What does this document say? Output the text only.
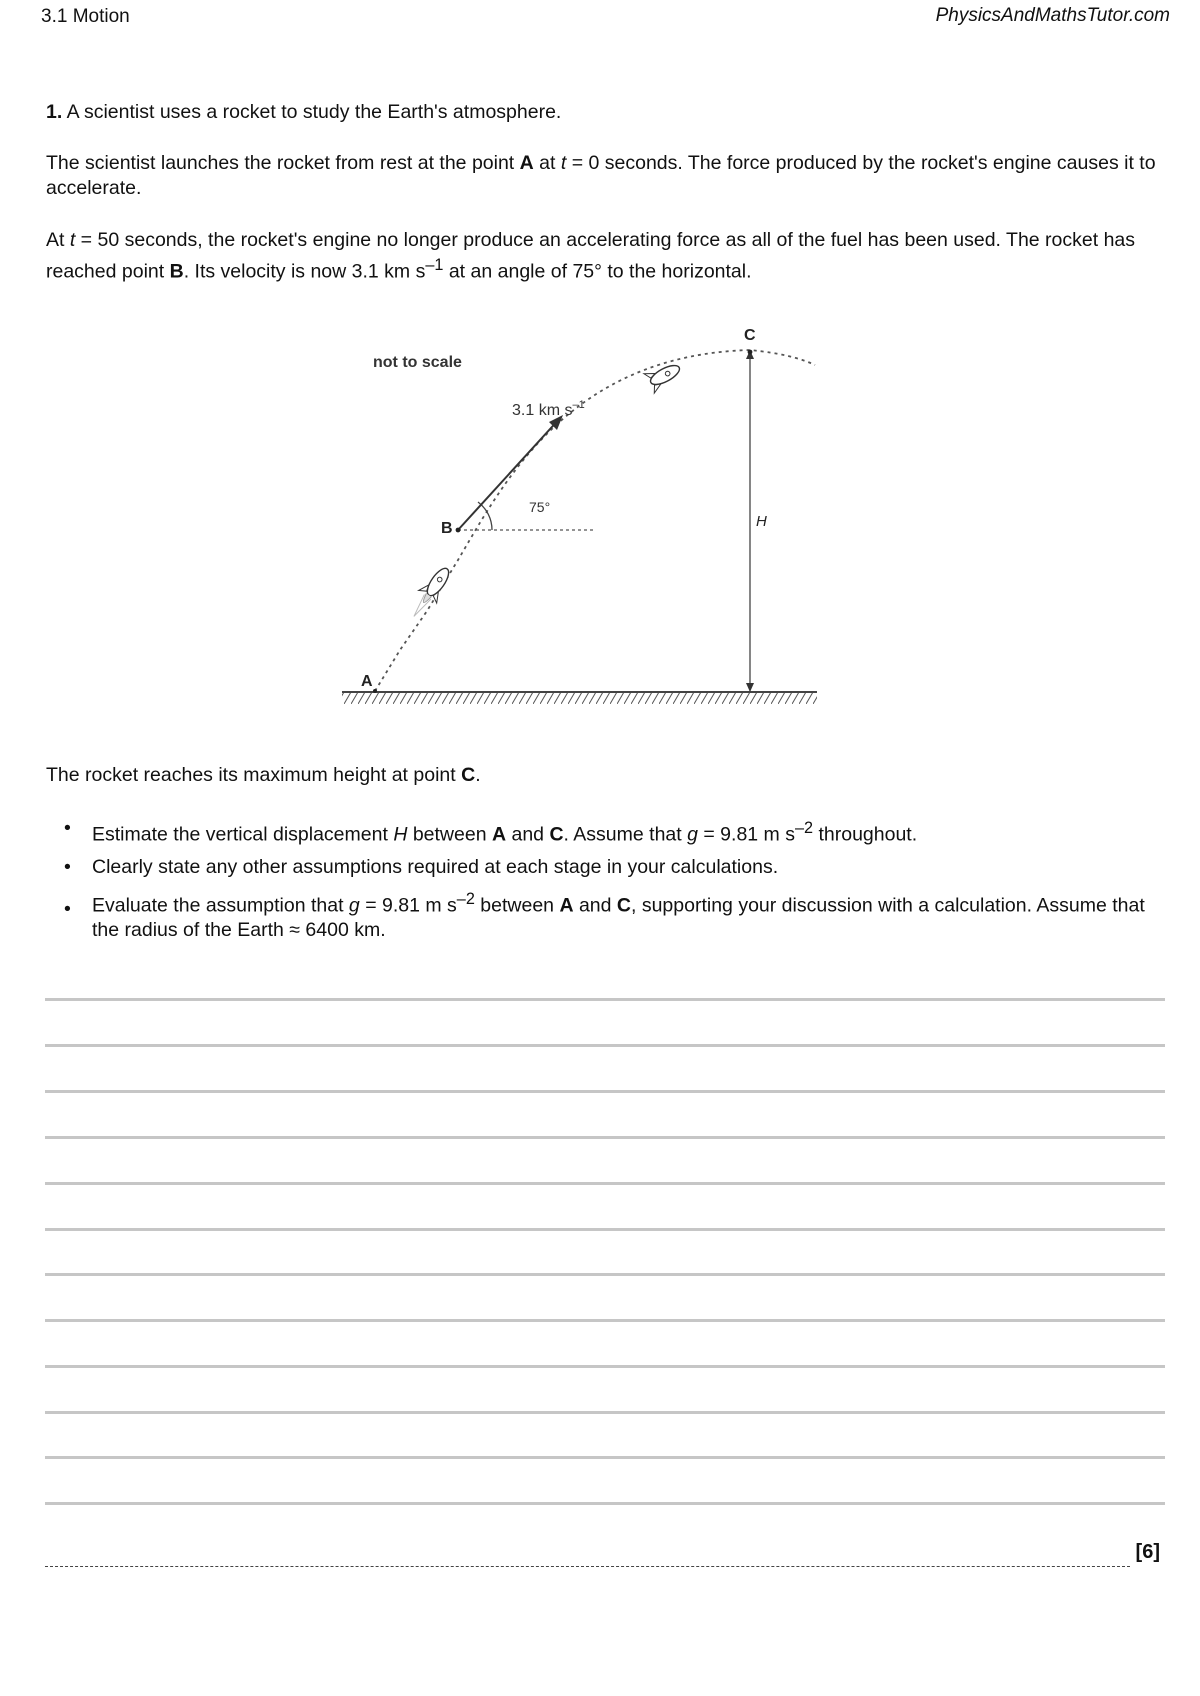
3.1 Motion	PhysicsAndMathsTutor.com

1. A scientist uses a rocket to study the Earth's atmosphere.

The scientist launches the rocket from rest at the point A at t = 0 seconds. The force produced by the rocket's engine causes it to accelerate.

At t = 50 seconds, the rocket's engine no longer produce an accelerating force as all of the fuel has been used. The rocket has reached point B. Its velocity is now 3.1 km $s^{-1}$ at an angle of 75° to the horizontal.

not to scale
3.1 km $s^{-1}$
75°
A
B
C
H

The rocket reaches its maximum height at point C.

• Estimate the vertical displacement H between A and C. Assume that g = 9.81 m $s^{-2}$ throughout.
• Clearly state any other assumptions required at each stage in your calculations.
• Evaluate the assumption that g = 9.81 m $s^{-2}$ between A and C, supporting your discussion with a calculation. Assume that the radius of the Earth ≈ 6400 km.
[6]
